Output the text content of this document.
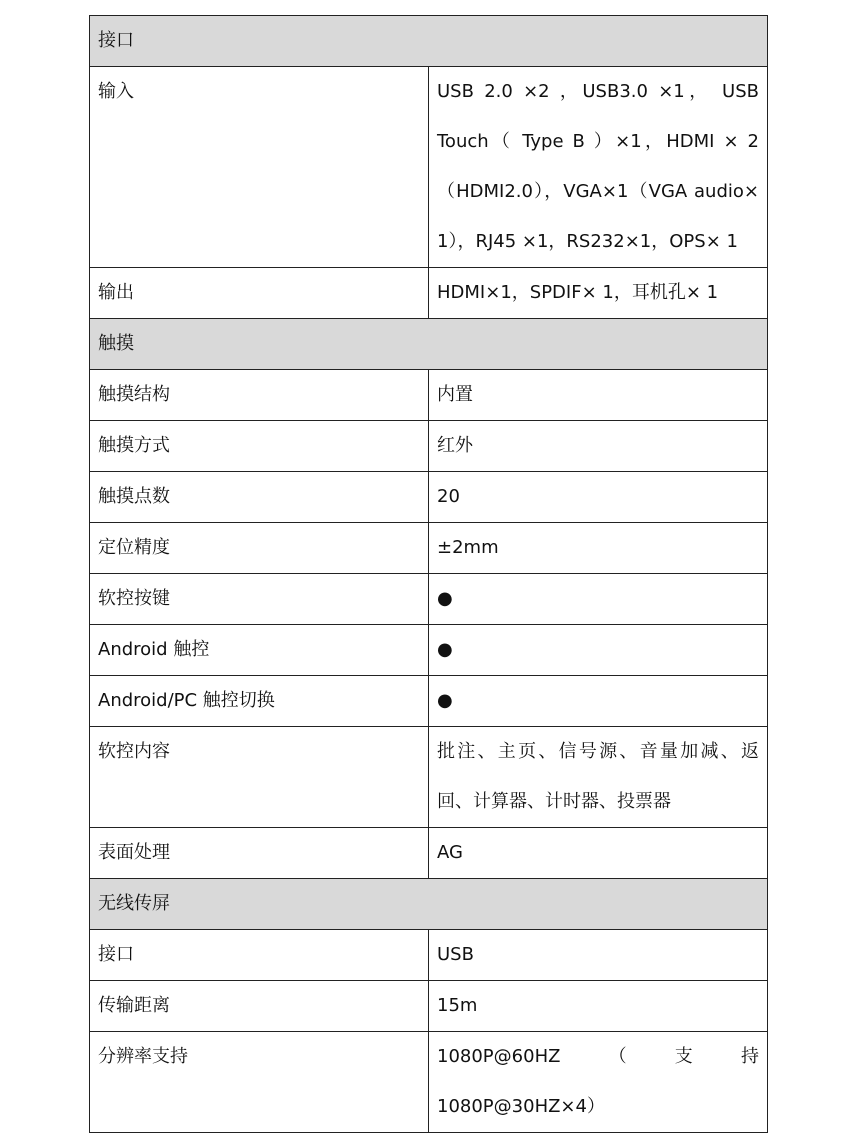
接口	
输入	USB 2.0 ×2 ，USB3.0 ×1， USB Touch（ Type B ）×1，HDMI × 2（HDMI2.0），VGA×1（VGA audio× 1），RJ45 ×1，RS232×1，OPS× 1
输出	HDMI×1，SPDIF× 1，耳机孔× 1
触摸	
触摸结构	内置
触摸方式	红外
触摸点数	20
定位精度	±2mm
软控按键	●
Android 触控	●
Android/PC 触控切换	●
软控内容	批注、主页、信号源、音量加减、返回、计算器、计时器、投票器
表面处理	AG
无线传屏	
接口	USB
传输距离	15m
分辨率支持	1080P@60HZ（支持 1080P@30HZ×4）
